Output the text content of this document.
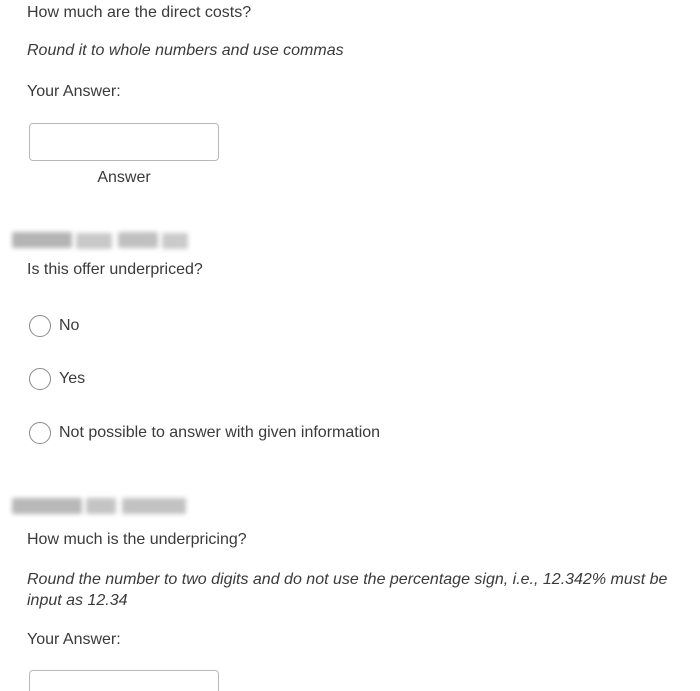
How much are the direct costs?
Round it to whole numbers and use commas
Your Answer:
Answer
Is this offer underpriced?
No
Yes
Not possible to answer with given information
How much is the underpricing?
Round the number to two digits and do not use the percentage sign, i.e., 12.342% must be input as 12.34
Your Answer:
